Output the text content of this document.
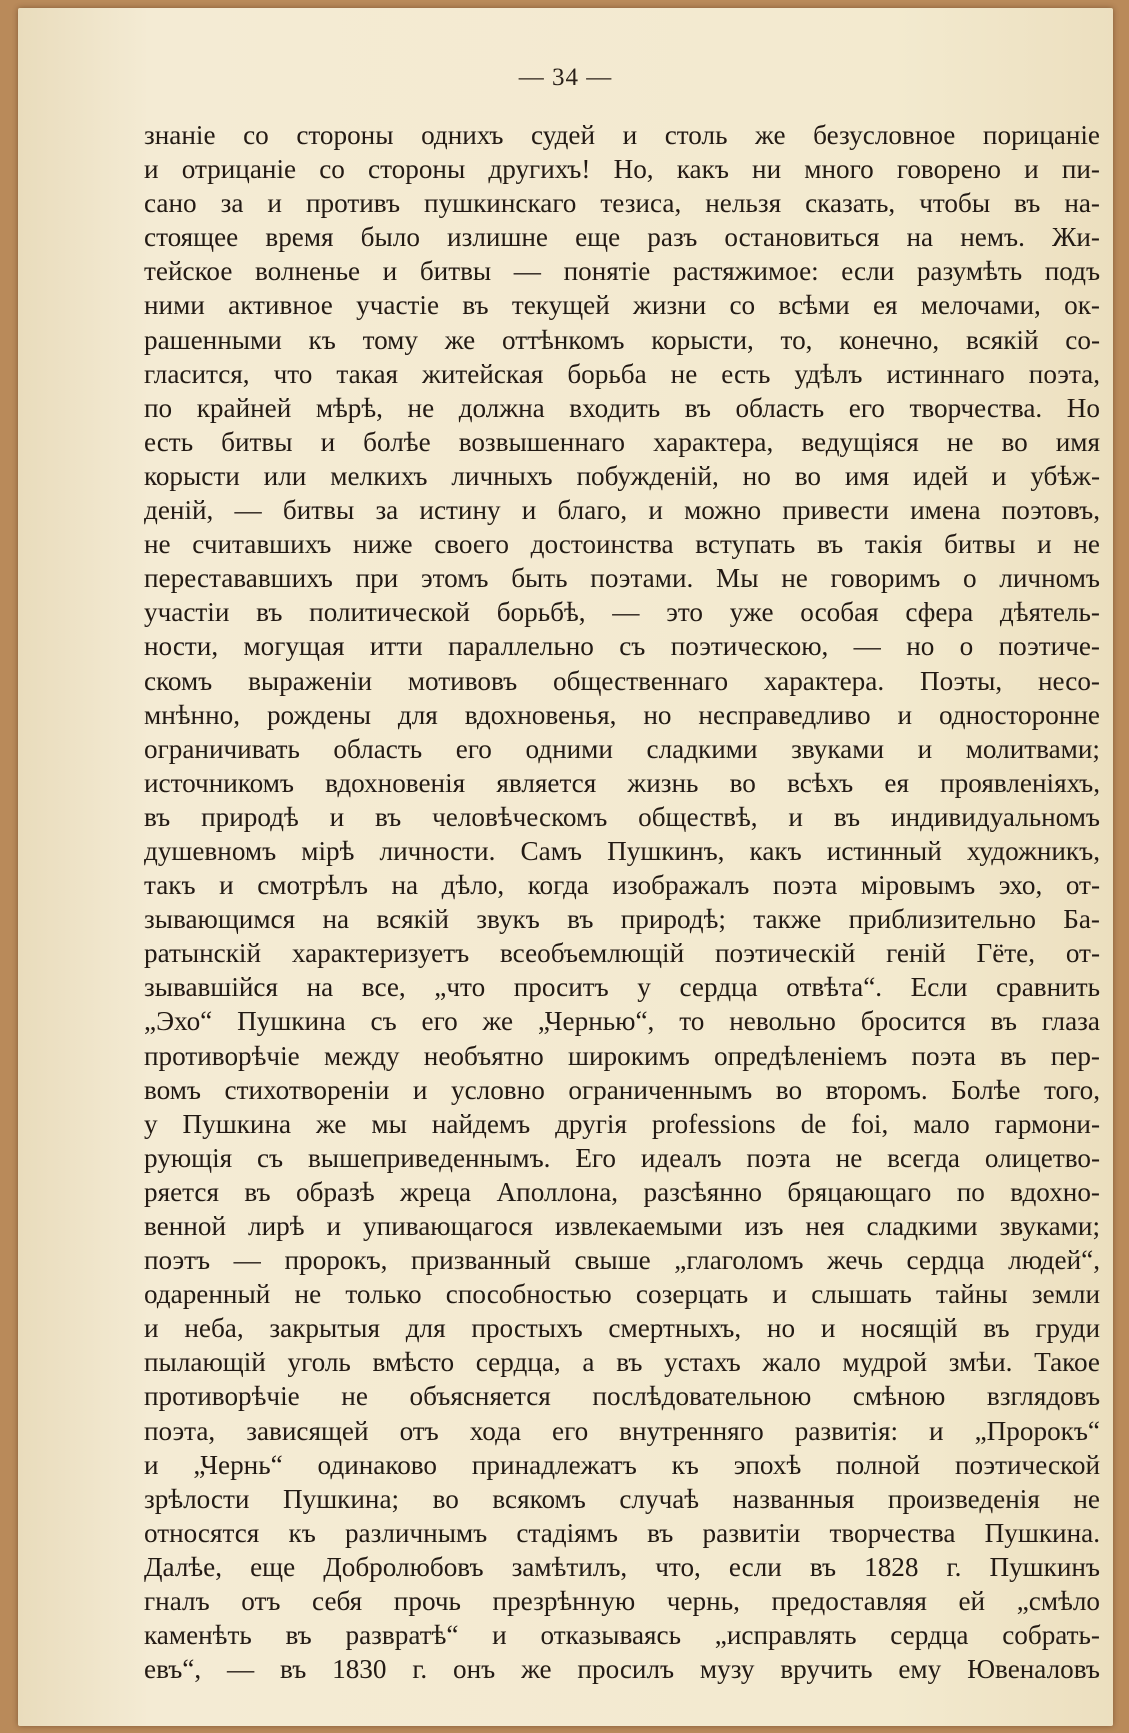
— 34 —
знаніе со стороны однихъ судей и столь же безусловное порицаніе
и отрицаніе со стороны другихъ! Но, какъ ни много говорено и пи-
сано за и противъ пушкинскаго тезиса, нельзя сказать, чтобы въ на-
стоящее время было излишне еще разъ остановиться на немъ. Жи-
тейское волненье и битвы — понятіе растяжимое: если разумѣть подъ
ними активное участіе въ текущей жизни со всѣми ея мелочами, ок-
рашенными къ тому же оттѣнкомъ корысти, то, конечно, всякій со-
гласится, что такая житейская борьба не есть удѣлъ истиннаго поэта,
по крайней мѣрѣ, не должна входить въ область его творчества. Но
есть битвы и болѣе возвышеннаго характера, ведущіяся не во имя
корысти или мелкихъ личныхъ побужденій, но во имя идей и убѣж-
деній, — битвы за истину и благо, и можно привести имена поэтовъ,
не считавшихъ ниже своего достоинства вступать въ такія битвы и не
перестававшихъ при этомъ быть поэтами. Мы не говоримъ о личномъ
участіи въ политической борьбѣ, — это уже особая сфера дѣятель-
ности, могущая итти параллельно съ поэтическою, — но о поэтиче-
скомъ выраженіи мотивовъ общественнаго характера. Поэты, несо-
мнѣнно, рождены для вдохновенья, но несправедливо и односторонне
ограничивать область его одними сладкими звуками и молитвами;
источникомъ вдохновенія является жизнь во всѣхъ ея проявленіяхъ,
въ природѣ и въ человѣческомъ обществѣ, и въ индивидуальномъ
душевномъ мірѣ личности. Самъ Пушкинъ, какъ истинный художникъ,
такъ и смотрѣлъ на дѣло, когда изображалъ поэта міровымъ эхо, от-
зывающимся на всякій звукъ въ природѣ; также приблизительно Ба-
ратынскій характеризуетъ всеобъемлющій поэтическій геній Гёте, от-
зывавшійся на все, „что проситъ у сердца отвѣта“. Если сравнить
„Эхо“ Пушкина съ его же „Чернью“, то невольно бросится въ глаза
противорѣчіе между необъятно широкимъ опредѣленіемъ поэта въ пер-
вомъ стихотвореніи и условно ограниченнымъ во второмъ. Болѣе того,
у Пушкина же мы найдемъ другія professions de foi, мало гармони-
рующія съ вышеприведеннымъ. Его идеалъ поэта не всегда олицетво-
ряется въ образѣ жреца Аполлона, разсѣянно бряцающаго по вдохно-
венной лирѣ и упивающагося извлекаемыми изъ нея сладкими звуками;
поэтъ — пророкъ, призванный свыше „глаголомъ жечь сердца людей“,
одаренный не только способностью созерцать и слышать тайны земли
и неба, закрытыя для простыхъ смертныхъ, но и носящій въ груди
пылающій уголь вмѣсто сердца, а въ устахъ жало мудрой змѣи. Такое
противорѣчіе не объясняется послѣдовательною смѣною взглядовъ
поэта, зависящей отъ хода его внутренняго развитія: и „Пророкъ“
и „Чернь“ одинаково принадлежатъ къ эпохѣ полной поэтической
зрѣлости Пушкина; во всякомъ случаѣ названныя произведенія не
относятся къ различнымъ стадіямъ въ развитіи творчества Пушкина.
Далѣе, еще Добролюбовъ замѣтилъ, что, если въ 1828 г. Пушкинъ
гналъ отъ себя прочь презрѣнную чернь, предоставляя ей „смѣло
каменѣть въ развратѣ“ и отказываясь „исправлять сердца собрать-
евъ“, — въ 1830 г. онъ же просилъ музу вручить ему Ювеналовъ
